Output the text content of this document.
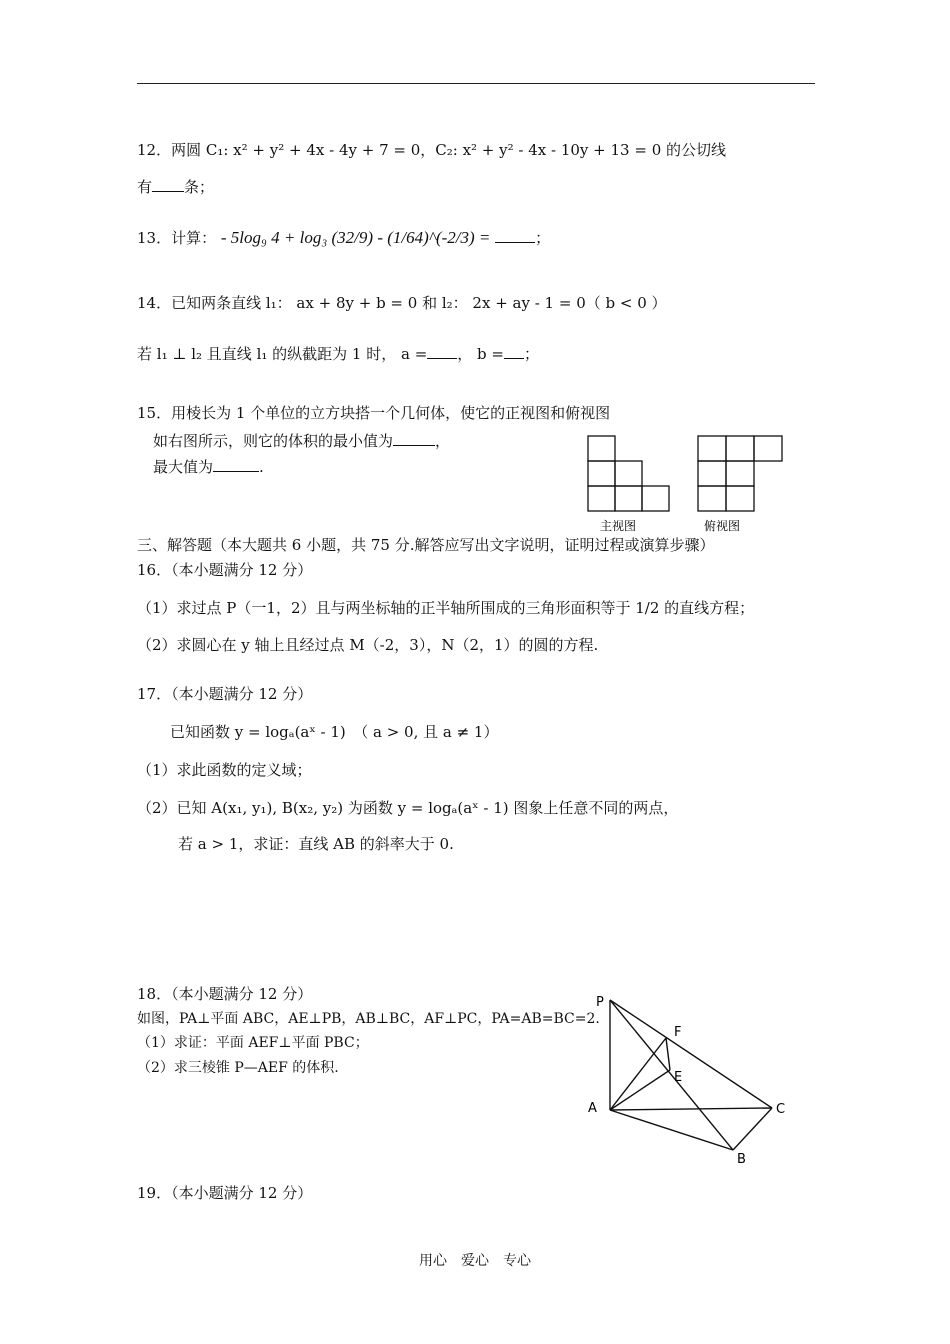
12．两圆 C₁: x² + y² + 4x - 4y + 7 = 0，C₂: x² + y² - 4x - 10y + 13 = 0 的公切线
有 条；
13．计算： - 5log₉ 4 + log₃ (32/9) - (1/64)^(-2/3) =	；
14．已知两条直线 l₁： ax + 8y + b = 0 和 l₂： 2x + ay - 1 = 0（ b < 0 ）
若 l₁ ⊥ l₂ 且直线 l₁ 的纵截距为 1 时， a = ， b = ；
15．用棱长为 1 个单位的立方块搭一个几何体，使它的正视图和俯视图
如右图所示，则它的体积的最小值为	，
最大值为	.
主视图	俯视图
三、解答题（本大题共 6 小题，共 75 分.解答应写出文字说明，证明过程或演算步骤）
16．（本小题满分 12 分）
（1）求过点 P（一1，2）且与两坐标轴的正半轴所围成的三角形面积等于 1/2 的直线方程；
（2）求圆心在 y 轴上且经过点 M（-2，3），N（2，1）的圆的方程.
17．（本小题满分 12 分）
已知函数 y = logₐ(aˣ - 1)　（ a > 0, 且 a ≠ 1）
（1）求此函数的定义域；
（2）已知 A(x₁, y₁), B(x₂, y₂) 为函数 y = logₐ(aˣ - 1) 图象上任意不同的两点，
若 a > 1，求证：直线 AB 的斜率大于 0.
18．（本小题满分 12 分）
如图，PA⊥平面 ABC，AE⊥PB，AB⊥BC，AF⊥PC，PA=AB=BC=2.
（1）求证：平面 AEF⊥平面 PBC；
（2）求三棱锥 P—AEF 的体积.
P
F
E
A	C
B
19．（本小题满分 12 分）
用心　爱心　专心
